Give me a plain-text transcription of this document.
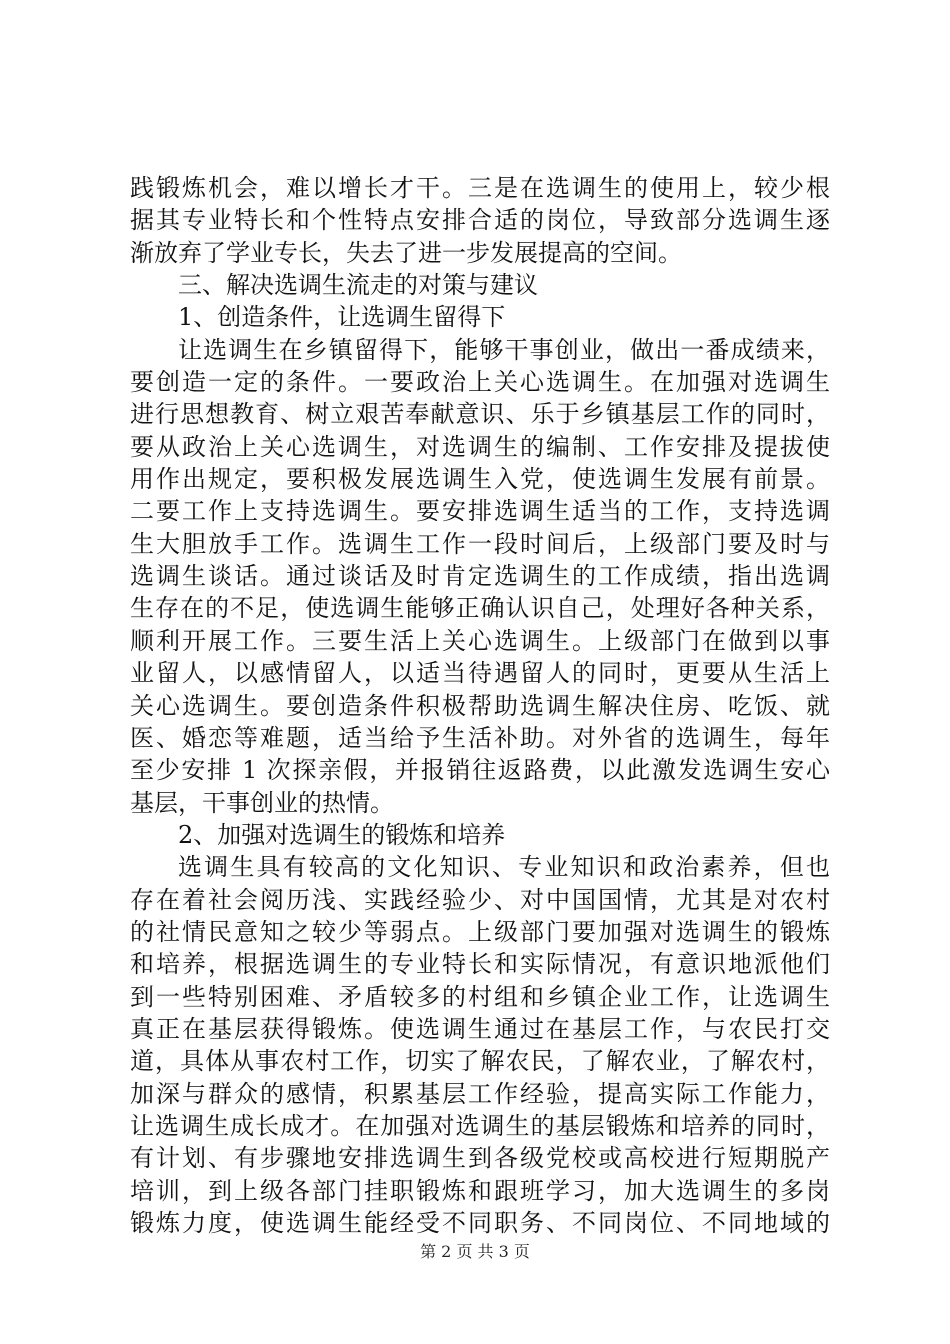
践锻炼机会，难以增长才干。三是在选调生的使用上，较少根
据其专业特长和个性特点安排合适的岗位，导致部分选调生逐
渐放弃了学业专长，失去了进一步发展提高的空间。
三、解决选调生流走的对策与建议
1、创造条件，让选调生留得下
让选调生在乡镇留得下，能够干事创业，做出一番成绩来，
要创造一定的条件。一要政治上关心选调生。在加强对选调生
进行思想教育、树立艰苦奉献意识、乐于乡镇基层工作的同时，
要从政治上关心选调生，对选调生的编制、工作安排及提拔使
用作出规定，要积极发展选调生入党，使选调生发展有前景。
二要工作上支持选调生。要安排选调生适当的工作，支持选调
生大胆放手工作。选调生工作一段时间后，上级部门要及时与
选调生谈话。通过谈话及时肯定选调生的工作成绩，指出选调
生存在的不足，使选调生能够正确认识自己，处理好各种关系，
顺利开展工作。三要生活上关心选调生。上级部门在做到以事
业留人，以感情留人，以适当待遇留人的同时，更要从生活上
关心选调生。要创造条件积极帮助选调生解决住房、吃饭、就
医、婚恋等难题，适当给予生活补助。对外省的选调生，每年
至少安排 1 次探亲假，并报销往返路费，以此激发选调生安心
基层，干事创业的热情。
2、加强对选调生的锻炼和培养
选调生具有较高的文化知识、专业知识和政治素养，但也
存在着社会阅历浅、实践经验少、对中国国情，尤其是对农村
的社情民意知之较少等弱点。上级部门要加强对选调生的锻炼
和培养，根据选调生的专业特长和实际情况，有意识地派他们
到一些特别困难、矛盾较多的村组和乡镇企业工作，让选调生
真正在基层获得锻炼。使选调生通过在基层工作，与农民打交
道，具体从事农村工作，切实了解农民，了解农业，了解农村，
加深与群众的感情，积累基层工作经验，提高实际工作能力，
让选调生成长成才。在加强对选调生的基层锻炼和培养的同时，
有计划、有步骤地安排选调生到各级党校或高校进行短期脱产
培训，到上级各部门挂职锻炼和跟班学习，加大选调生的多岗
锻炼力度，使选调生能经受不同职务、不同岗位、不同地域的
第 2 页 共 3 页
